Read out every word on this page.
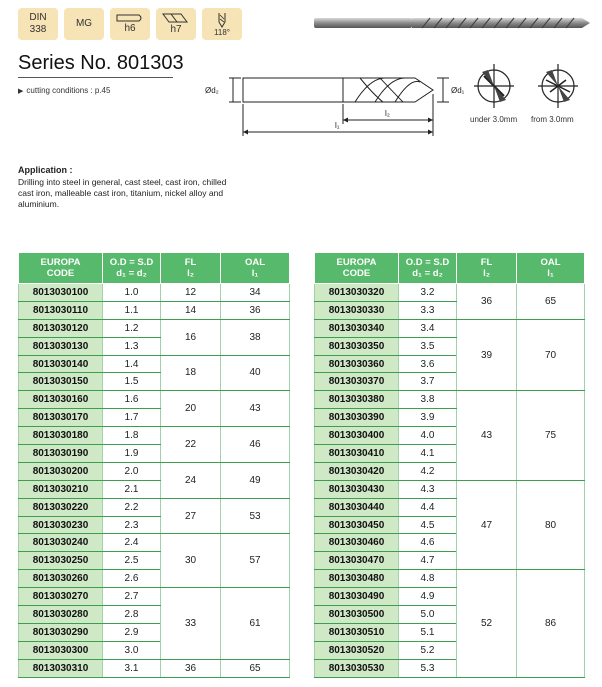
DIN
338
MG	h6	h7	118°
Series No. 801303
▶ cutting conditions : p.45	Ød₂	Ød₁
l₂
l₁
under 3.0mm from 3.0mm
Application :
Drilling into steel in general, cast steel, cast iron, chilled cast iron, malleable cast iron, titanium, nickel alloy and aluminium.
EUROPA
CODE	O.D = S.D
d₁ = d₂	FL
l₂	OAL
l₁
8013030100	1.0	12	34
8013030110	1.1	14	36
8013030120	1.2	16	38
8013030130	1.3		
8013030140	1.4	18	40
8013030150	1.5		
8013030160	1.6	20	43
8013030170	1.7		
8013030180	1.8	22	46
8013030190	1.9		
8013030200	2.0	24	49
8013030210	2.1		
8013030220	2.2	27	53
8013030230	2.3		
8013030240	2.4	30	57
8013030250	2.5		
8013030260	2.6		
8013030270	2.7	33	61
8013030280	2.8		
8013030290	2.9		
8013030300	3.0		
8013030310	3.1	36	65
EUROPA
CODE	O.D = S.D
d₁ = d₂	FL
l₂	OAL
l₁
8013030320	3.2	36	65
8013030330	3.3		
8013030340	3.4	39	70
8013030350	3.5		
8013030360	3.6		
8013030370	3.7		
8013030380	3.8	43	75
8013030390	3.9		
8013030400	4.0		
8013030410	4.1		
8013030420	4.2		
8013030430	4.3	47	80
8013030440	4.4		
8013030450	4.5		
8013030460	4.6		
8013030470	4.7		
8013030480	4.8	52	86
8013030490	4.9		
8013030500	5.0		
8013030510	5.1		
8013030520	5.2		
8013030530	5.3		
